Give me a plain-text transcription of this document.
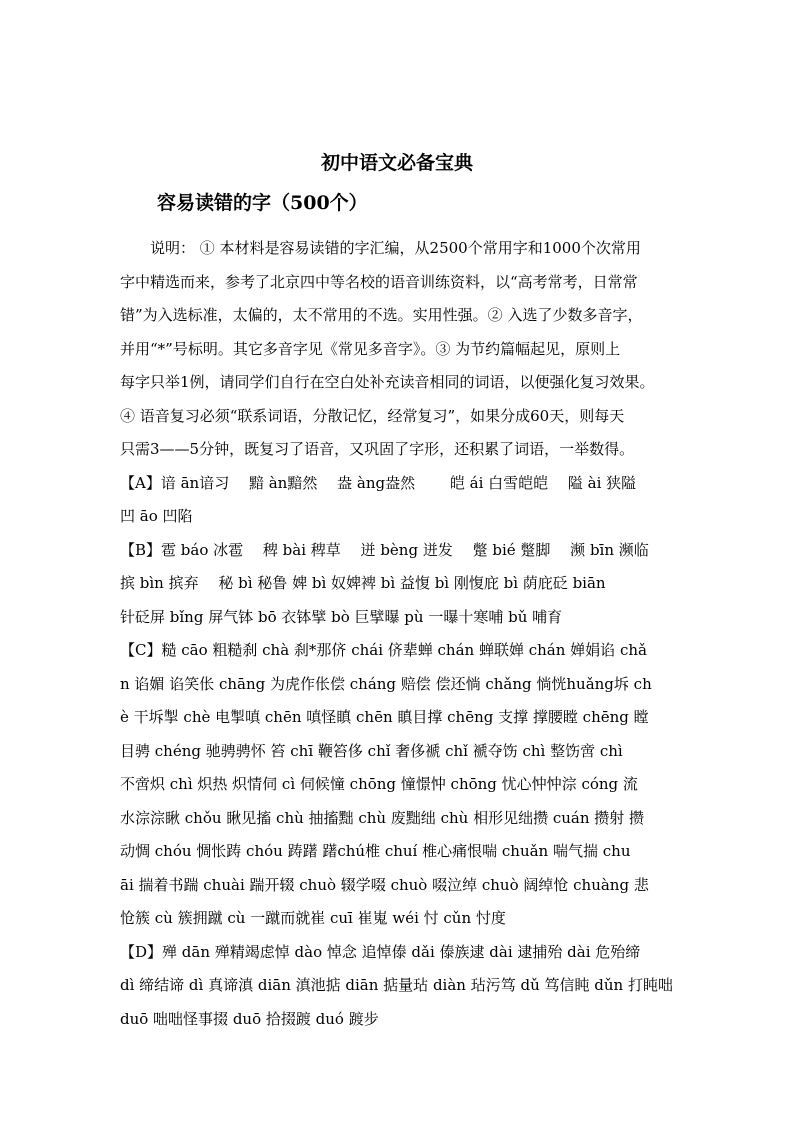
初中语文必备宝典
容易读错的字（500个）
说明： ① 本材料是容易读错的字汇编，从2500个常用字和1000个次常用
字中精选而来，参考了北京四中等名校的语音训练资料，以“高考常考，日常常
错”为入选标准，太偏的，太不常用的不选。实用性强。② 入选了少数多音字，
并用“*”号标明。其它多音字见《常见多音字》。③ 为节约篇幅起见，原则上
每字只举1例，请同学们自行在空白处补充读音相同的词语，以便强化复习效果。
④ 语音复习必须“联系词语，分散记忆，经常复习”，如果分成60天，则每天
只需3——5分钟，既复习了语音，又巩固了字形，还积累了词语，一举数得。
【A】谙 ān谙习　 黯 àn黯然　 盎 àng盎然　　 皑 ái 白雪皑皑　 隘 ài 狭隘
凹 āo 凹陷
【B】雹 báo 冰雹　 稗 bài 稗草　 迸 bèng 迸发　 蹩 bié 蹩脚　 濒 bīn 濒临
摈 bìn 摈弃　 秘 bì 秘鲁 婢 bì 奴婢裨 bì 益愎 bì 刚愎庇 bì 荫庇砭 biān
针砭屏 bǐng 屏气钵 bō 衣钵擘 bò 巨擘曝 pù 一曝十寒哺 bǔ 哺育
【C】糙 cāo 粗糙刹 chà 刹*那侪 chái 侪辈蝉 chán 蝉联婵 chán 婵娟谄 chǎ
n 谄媚 谄笑伥 chāng 为虎作伥偿 cháng 赔偿 偿还惝 chǎng 惝恍huǎng坼 ch
è 干坼掣 chè 电掣嗔 chēn 嗔怪瞋 chēn 瞋目撑 chēng 支撑 撑腰瞠 chēng 瞠
目骋 chéng 驰骋骋怀 笞 chī 鞭笞侈 chǐ 奢侈褫 chǐ 褫夺饬 chì 整饬啻 chì
不啻炽 chì 炽热 炽情伺 cì 伺候憧 chōng 憧憬忡 chōng 忧心忡忡淙 cóng 流
水淙淙瞅 chǒu 瞅见搐 chù 抽搐黜 chù 废黜绌 chù 相形见绌攒 cuán 攒射 攒
动惆 chóu 惆怅踌 chóu 踌躇 躇chú椎 chuí 椎心痛恨喘 chuǎn 喘气揣 chu
āi 揣着书踹 chuài 踹开辍 chuò 辍学啜 chuò 啜泣绰 chuò 阔绰怆 chuàng 悲
怆簇 cù 簇拥蹴 cù 一蹴而就崔 cuī 崔嵬 wéi 忖 cǔn 忖度
【D】殚 dān 殚精竭虑悼 dào 悼念 追悼傣 dǎi 傣族逮 dài 逮捕殆 dài 危殆缔
dì 缔结谛 dì 真谛滇 diān 滇池掂 diān 掂量玷 diàn 玷污笃 dǔ 笃信盹 dǔn 打盹咄
duō 咄咄怪事掇 duō 拾掇踱 duó 踱步
